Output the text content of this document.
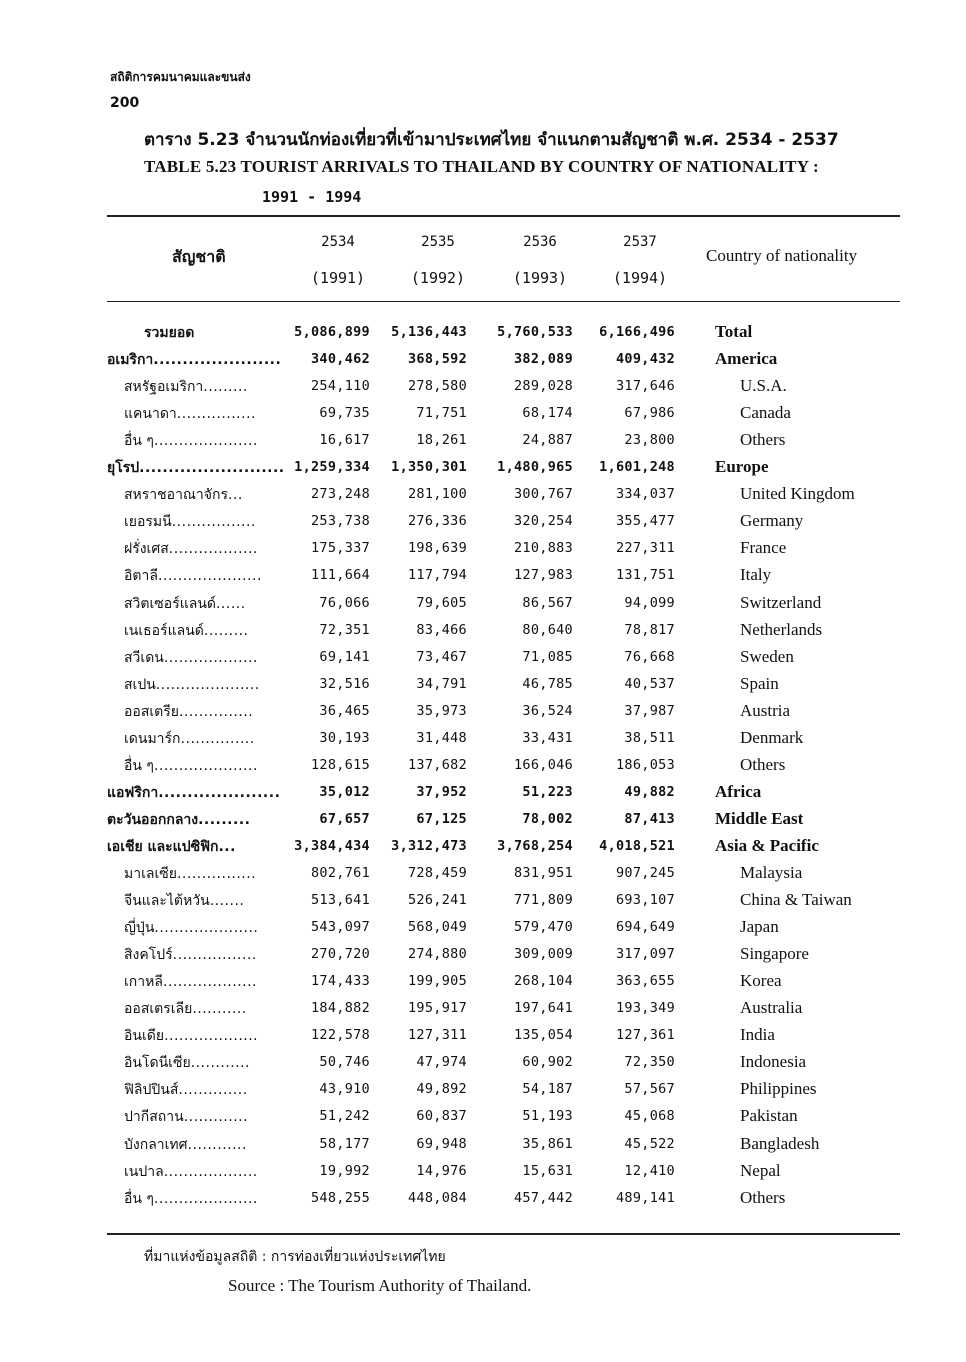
สถิติการคมนาคมและขนส่ง
200
ตาราง 5.23 จำนวนนักท่องเที่ยวที่เข้ามาประเทศไทย จำแนกตามสัญชาติ พ.ศ. 2534 - 2537
TABLE 5.23 TOURIST ARRIVALS TO THAILAND BY COUNTRY OF NATIONALITY :
1991 - 1994
สัญชาติ
2534	2535	2536	2537
(1991)	(1992)	(1993)	(1994)
Country of nationality
รวมยอด	5,086,899	5,136,443	5,760,533	6,166,496 Total
อเมริกา......................	340,462	368,592	382,089	409,432 America
สหรัฐอเมริกา.........	254,110	278,580	289,028	317,646	U.S.A.
แคนาดา................	69,735	71,751	68,174	67,986	Canada
อื่น ๆ.....................	16,617	18,261	24,887	23,800	Others
ยุโรป......................... 1,259,334	1,350,301	1,480,965	1,601,248 Europe
สหราชอาณาจักร...	273,248	281,100	300,767	334,037	United Kingdom
เยอรมนี.................	253,738	276,336	320,254	355,477	Germany
ฝรั่งเศส..................	175,337	198,639	210,883	227,311	France
อิตาลี.....................	111,664	117,794	127,983	131,751	Italy
สวิตเซอร์แลนด์......	76,066	79,605	86,567	94,099	Switzerland
เนเธอร์แลนด์.........	72,351	83,466	80,640	78,817	Netherlands
สวีเดน...................	69,141	73,467	71,085	76,668	Sweden
สเปน.....................	32,516	34,791	46,785	40,537	Spain
ออสเตรีย...............	36,465	35,973	36,524	37,987	Austria
เดนมาร์ก...............	30,193	31,448	33,431	38,511	Denmark
อื่น ๆ.....................	128,615	137,682	166,046	186,053	Others
แอฟริกา.....................	35,012	37,952	51,223	49,882 Africa
ตะวันออกกลาง.........	67,657	67,125	78,002	87,413 Middle East
เอเชีย และแปซิฟิก...	3,384,434	3,312,473	3,768,254	4,018,521 Asia & Pacific
มาเลเซีย................	802,761	728,459	831,951	907,245	Malaysia
จีนและไต้หวัน.......	513,641	526,241	771,809	693,107	China & Taiwan
ญี่ปุ่น.....................	543,097	568,049	579,470	694,649	Japan
สิงคโปร์.................	270,720	274,880	309,009	317,097	Singapore
เกาหลี...................	174,433	199,905	268,104	363,655	Korea
ออสเตรเลีย...........	184,882	195,917	197,641	193,349	Australia
อินเดีย...................	122,578	127,311	135,054	127,361	India
อินโดนีเซีย............	50,746	47,974	60,902	72,350	Indonesia
ฟิลิปปินส์..............	43,910	49,892	54,187	57,567	Philippines
ปากีสถาน.............	51,242	60,837	51,193	45,068	Pakistan
บังกลาเทศ............	58,177	69,948	35,861	45,522	Bangladesh
เนปาล...................	19,992	14,976	15,631	12,410	Nepal
อื่น ๆ.....................	548,255	448,084	457,442	489,141	Others
ที่มาแห่งข้อมูลสถิติ : การท่องเที่ยวแห่งประเทศไทย
Source : The Tourism Authority of Thailand.
